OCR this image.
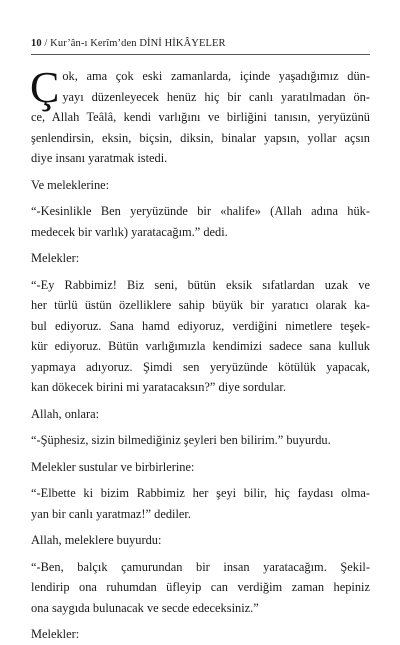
10 / Kur’ân-ı Kerîm’den DİNİ HİKÂYELER
Ç ok, ama çok eski zamanlarda, içinde yaşadığımız dün-
yayı düzenleyecek henüz hiç bir canlı yaratılmadan ön-
ce, Allah Teâlâ, kendi varlığını ve birliğini tanısın, yeryüzünü
şenlendirsin, eksin, biçsin, diksin, binalar yapsın, yollar açsın
diye insanı yaratmak istedi.
Ve meleklerine:
“-Kesinlikle Ben yeryüzünde bir «halife» (Allah adına hük-
medecek bir varlık) yaratacağım.” dedi.
Melekler:
“-Ey Rabbimiz! Biz seni, bütün eksik sıfatlardan uzak ve
her türlü üstün özelliklere sahip büyük bir yaratıcı olarak ka-
bul ediyoruz. Sana hamd ediyoruz, verdiğini nimetlere teşek-
kür ediyoruz. Bütün varlığımızla kendimizi sadece sana kulluk
yapmaya adıyoruz. Şimdi sen yeryüzünde kötülük yapacak,
kan dökecek birini mi yaratacaksın?” diye sordular.
Allah, onlara:
“-Şüphesiz, sizin bilmediğiniz şeyleri ben bilirim.” buyurdu.
Melekler sustular ve birbirlerine:
“-Elbette ki bizim Rabbimiz her şeyi bilir, hiç faydası olma-
yan bir canlı yaratmaz!” dediler.
Allah, meleklere buyurdu:
“-Ben, balçık çamurundan bir insan yaratacağım. Şekil-
lendirip ona ruhumdan üfleyip can verdiğim zaman hepiniz
ona saygıda bulunacak ve secde edeceksiniz.”
Melekler:
